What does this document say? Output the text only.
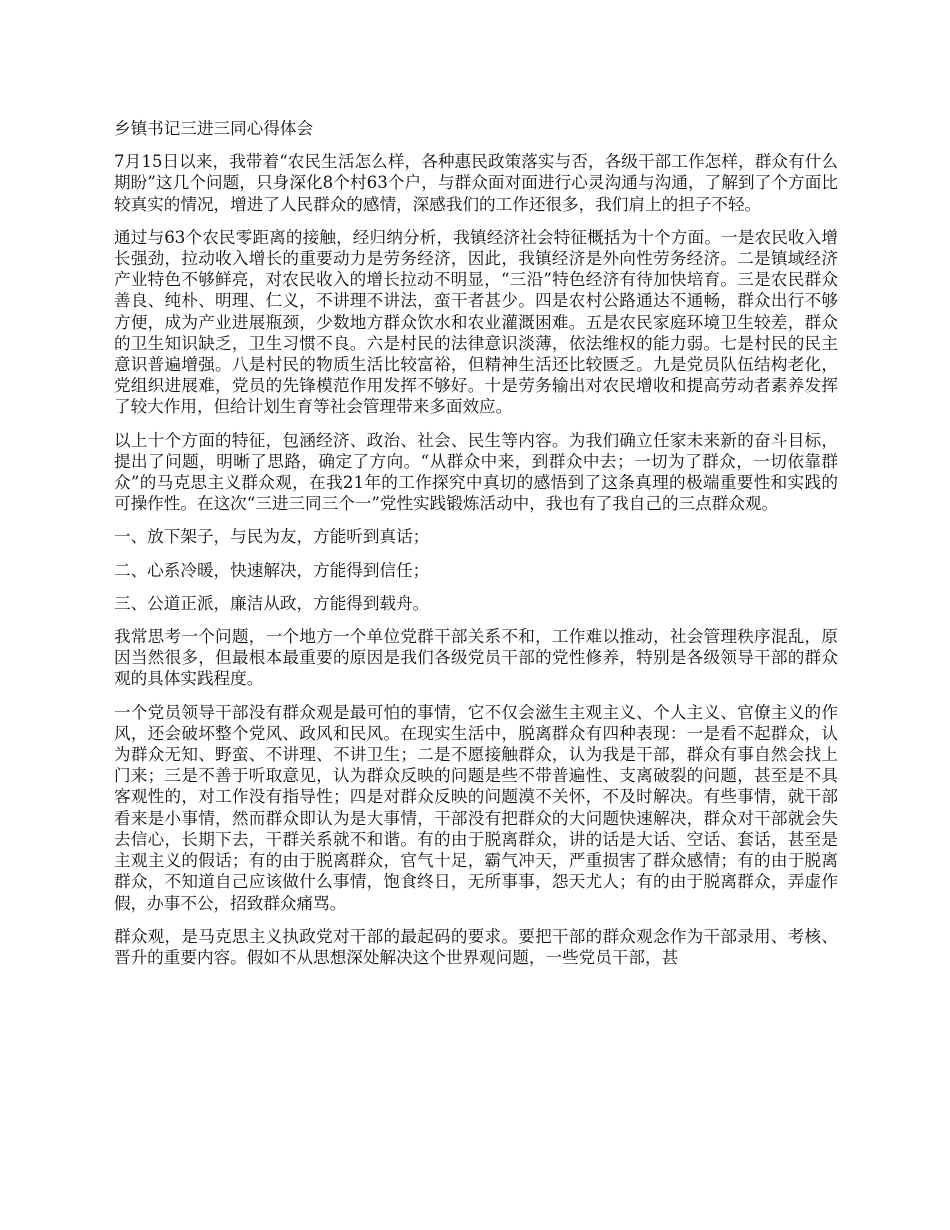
乡镇书记三进三同心得体会
7月15日以来，我带着“农民生活怎么样，各种惠民政策落实与否，各级干部工作怎样，群众有什么期盼”这几个问题，只身深化8个村63个户，与群众面对面进行心灵沟通与沟通，了解到了个方面比较真实的情况，增进了人民群众的感情，深感我们的工作还很多，我们肩上的担子不轻。
通过与63个农民零距离的接触，经归纳分析，我镇经济社会特征概括为十个方面。一是农民收入增长强劲，拉动收入增长的重要动力是劳务经济，因此，我镇经济是外向性劳务经济。二是镇域经济产业特色不够鲜亮，对农民收入的增长拉动不明显，“三沿”特色经济有待加快培育。三是农民群众善良、纯朴、明理、仁义，不讲理不讲法，蛮干者甚少。四是农村公路通达不通畅，群众出行不够方便，成为产业进展瓶颈，少数地方群众饮水和农业灌溉困难。五是农民家庭环境卫生较差，群众的卫生知识缺乏，卫生习惯不良。六是村民的法律意识淡薄，依法维权的能力弱。七是村民的民主意识普遍增强。八是村民的物质生活比较富裕，但精神生活还比较匮乏。九是党员队伍结构老化，党组织进展难，党员的先锋模范作用发挥不够好。十是劳务输出对农民增收和提高劳动者素养发挥了较大作用，但给计划生育等社会管理带来多面效应。
以上十个方面的特征，包涵经济、政治、社会、民生等内容。为我们确立任家未来新的奋斗目标，提出了问题，明晰了思路，确定了方向。“从群众中来，到群众中去；一切为了群众，一切依靠群众”的马克思主义群众观，在我21年的工作探究中真切的感悟到了这条真理的极端重要性和实践的可操作性。在这次“三进三同三个一”党性实践锻炼活动中，我也有了我自己的三点群众观。
一、放下架子，与民为友，方能听到真话；
二、心系冷暖，快速解决，方能得到信任；
三、公道正派，廉洁从政，方能得到载舟。
我常思考一个问题，一个地方一个单位党群干部关系不和，工作难以推动，社会管理秩序混乱，原因当然很多，但最根本最重要的原因是我们各级党员干部的党性修养，特别是各级领导干部的群众观的具体实践程度。
一个党员领导干部没有群众观是最可怕的事情，它不仅会滋生主观主义、个人主义、官僚主义的作风，还会破坏整个党风、政风和民风。在现实生活中，脱离群众有四种表现：一是看不起群众，认为群众无知、野蛮、不讲理、不讲卫生；二是不愿接触群众，认为我是干部，群众有事自然会找上门来；三是不善于听取意见，认为群众反映的问题是些不带普遍性、支离破裂的问题，甚至是不具客观性的，对工作没有指导性；四是对群众反映的问题漠不关怀，不及时解决。有些事情，就干部看来是小事情，然而群众即认为是大事情，干部没有把群众的大问题快速解决，群众对干部就会失去信心，长期下去，干群关系就不和谐。有的由于脱离群众，讲的话是大话、空话、套话，甚至是主观主义的假话；有的由于脱离群众，官气十足，霸气冲天，严重损害了群众感情；有的由于脱离群众，不知道自己应该做什么事情，饱食终日，无所事事，怨天尤人；有的由于脱离群众，弄虚作假，办事不公，招致群众痛骂。
群众观，是马克思主义执政党对干部的最起码的要求。要把干部的群众观念作为干部录用、考核、晋升的重要内容。假如不从思想深处解决这个世界观问题，一些党员干部，甚
